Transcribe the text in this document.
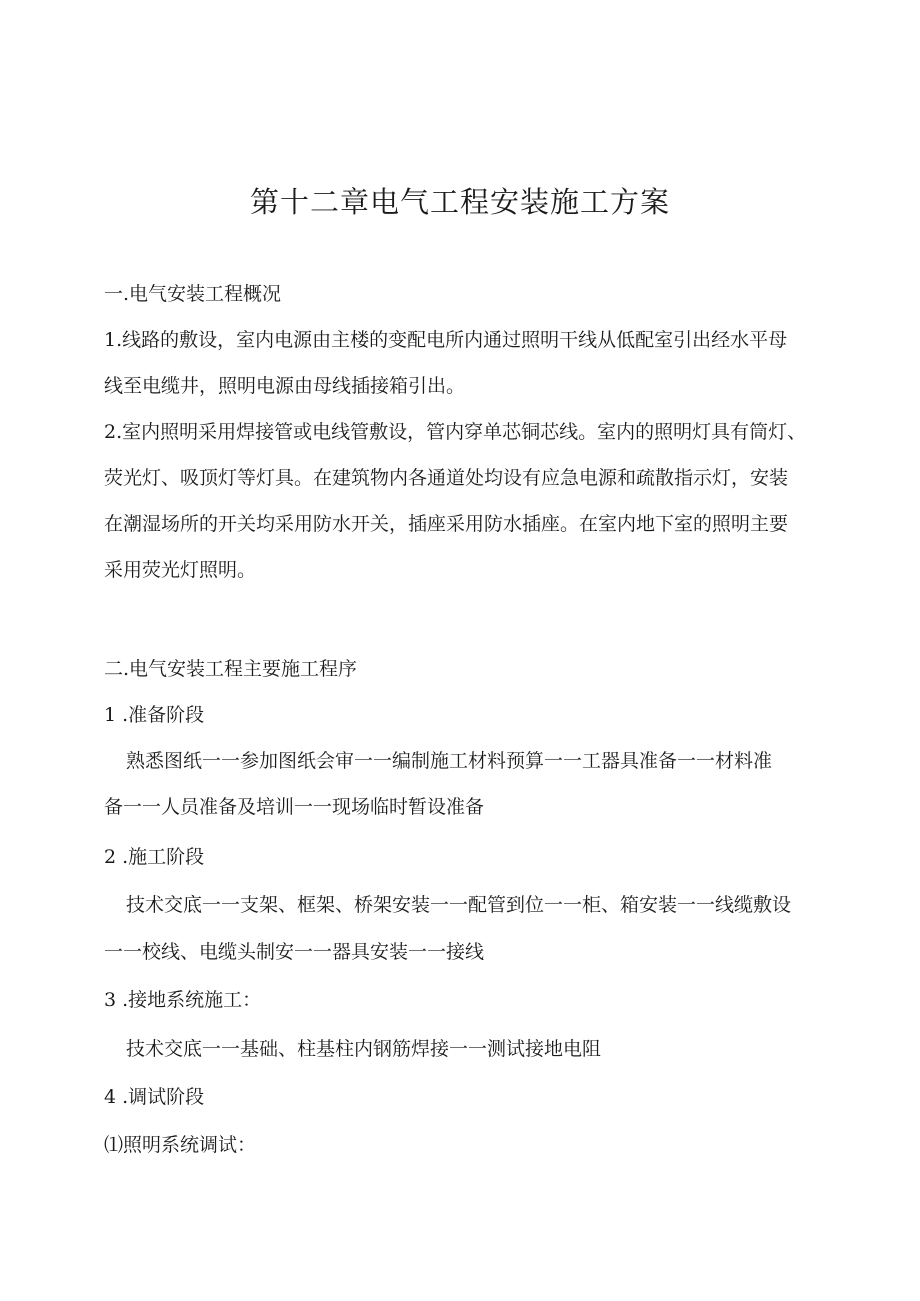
第十二章电气工程安装施工方案
一.电气安装工程概况
1.线路的敷设，室内电源由主楼的变配电所内通过照明干线从低配室引出经水平母
线至电缆井，照明电源由母线插接箱引出。
2.室内照明采用焊接管或电线管敷设，管内穿单芯铜芯线。室内的照明灯具有筒灯、
荧光灯、吸顶灯等灯具。在建筑物内各通道处均设有应急电源和疏散指示灯，安装
在潮湿场所的开关均采用防水开关，插座采用防水插座。在室内地下室的照明主要
采用荧光灯照明。
二.电气安装工程主要施工程序
1 .准备阶段
熟悉图纸一一参加图纸会审一一编制施工材料预算一一工器具准备一一材料准
备一一人员准备及培训一一现场临时暂设准备
2 .施工阶段
技术交底一一支架、框架、桥架安装一一配管到位一一柜、箱安装一一线缆敷设
一一校线、电缆头制安一一器具安装一一接线
3 .接地系统施工：
技术交底一一基础、柱基柱内钢筋焊接一一测试接地电阻
4 .调试阶段
⑴照明系统调试：
